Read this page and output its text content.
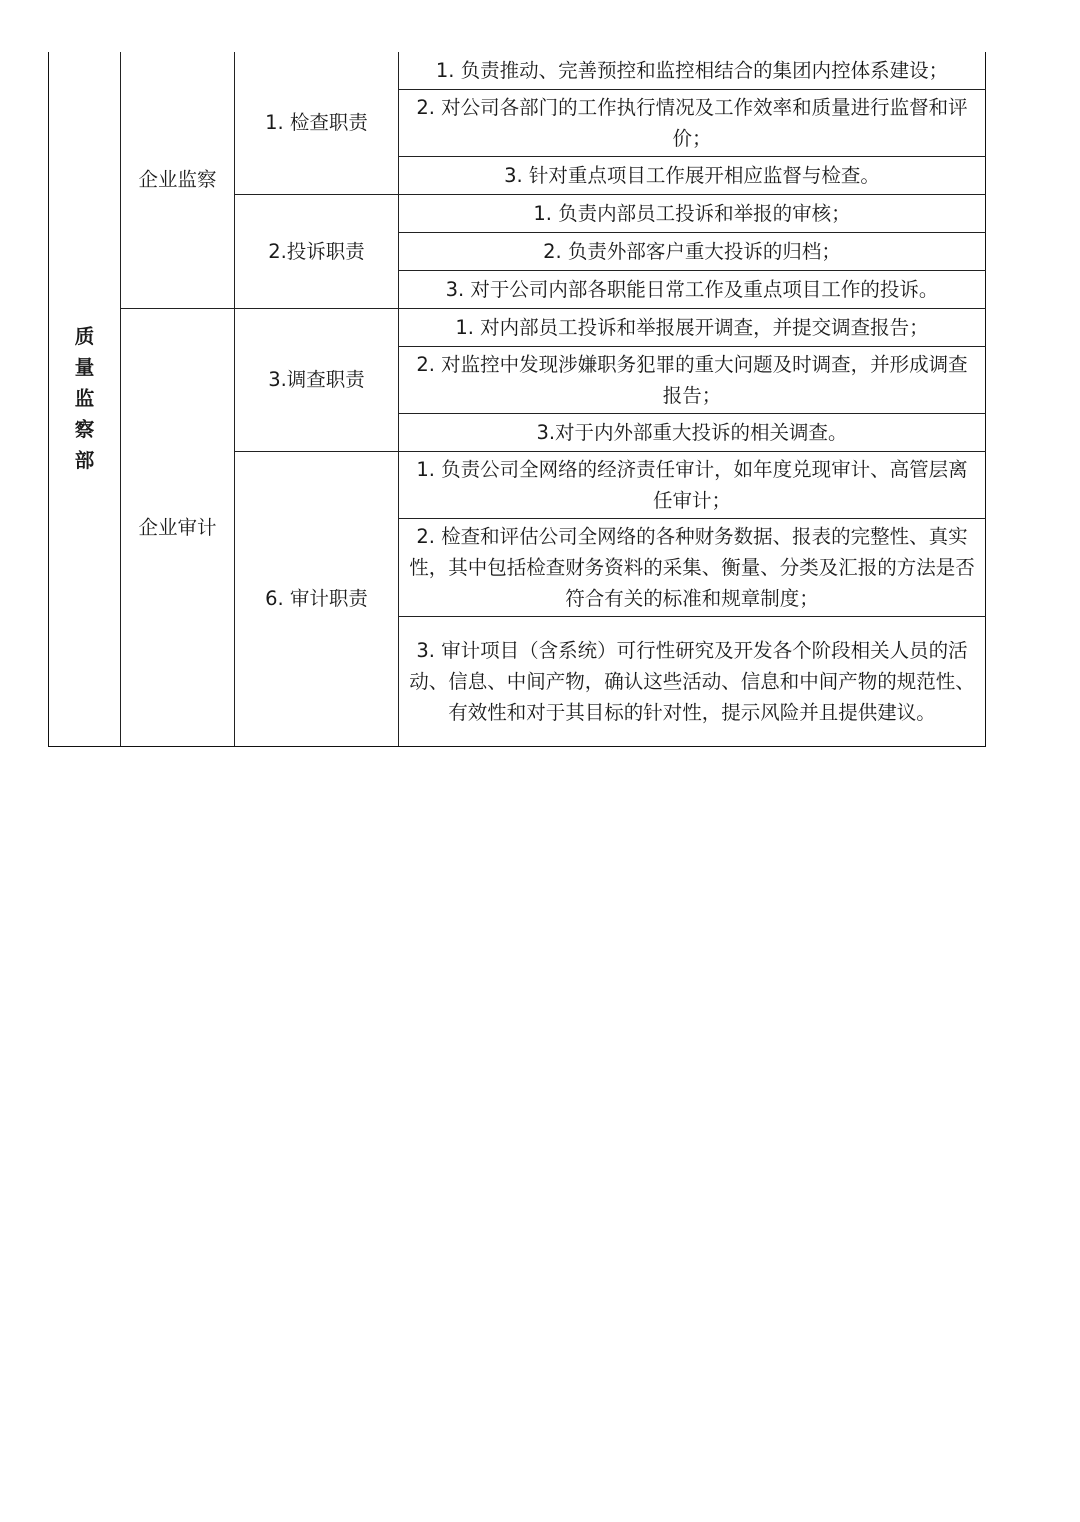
质
量
监
察
部	企业监察	1. 检查职责	1. 负责推动、完善预控和监控相结合的集团内控体系建设；
			2. 对公司各部门的工作执行情况及工作效率和质量进行监督和评价；
			3. 针对重点项目工作展开相应监督与检查。
		2.投诉职责	1. 负责内部员工投诉和举报的审核；
			2. 负责外部客户重大投诉的归档；
			3. 对于公司内部各职能日常工作及重点项目工作的投诉。
	企业审计	3.调查职责	1. 对内部员工投诉和举报展开调查，并提交调查报告；
			2. 对监控中发现涉嫌职务犯罪的重大问题及时调查，并形成调查报告；
			3.对于内外部重大投诉的相关调查。
		6. 审计职责	1. 负责公司全网络的经济责任审计，如年度兑现审计、高管层离任审计；
			2. 检查和评估公司全网络的各种财务数据、报表的完整性、真实性，其中包括检查财务资料的采集、衡量、分类及汇报的方法是否符合有关的标准和规章制度；
			3. 审计项目（含系统）可行性研究及开发各个阶段相关人员的活动、信息、中间产物，确认这些活动、信息和中间产物的规范性、有效性和对于其目标的针对性，提示风险并且提供建议。
